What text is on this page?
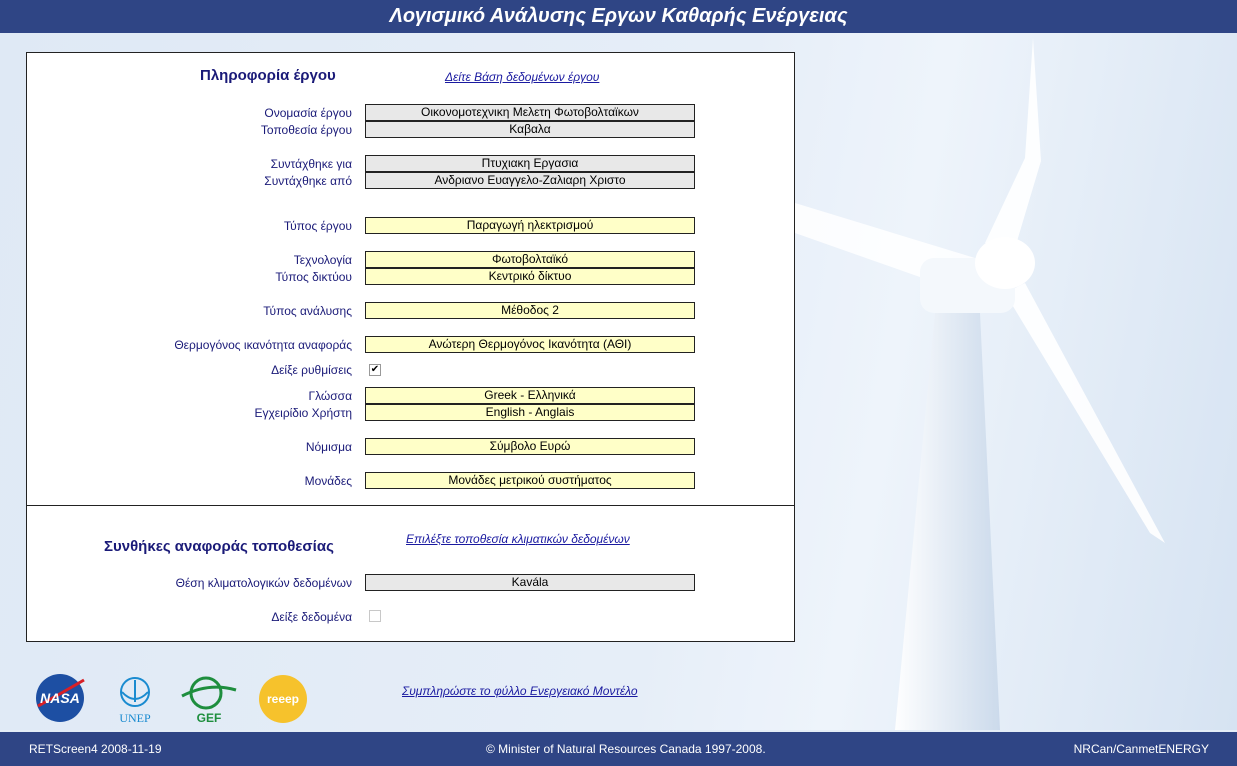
Λογισμικό Ανάλυσης Εργων Καθαρής Ενέργειας
Πληροφορία έργου	Δείτε Βάση δεδομένων έργου
Ονομασία έργου	Οικονομοτεχνικη Μελετη Φωτοβολταϊκων
Τοποθεσία έργου	Καβαλα
Συντάχθηκε για	Πτυχιακη Εργασια
Συντάχθηκε από	Ανδριανο Ευαγγελο-Ζαλιαρη Χριστο
Τύπος έργου	Παραγωγή ηλεκτρισμού
Τεχνολογία	Φωτοβολταϊκό
Τύπος δικτύου	Κεντρικό δίκτυο
Τύπος ανάλυσης	Μέθοδος 2
Θερμογόνος ικανότητα αναφοράς	Ανώτερη Θερμογόνος Ικανότητα (ΑΘΙ)
Δείξε ρυθμίσεις ✔
Γλώσσα	Greek - Ελληνικά
Εγχειρίδιο Χρήστη	English - Anglais
Νόμισμα	Σύμβολο Ευρώ
Μονάδες	Μονάδες μετρικού συστήματος
Συνθήκες αναφοράς τοποθεσίας	Επιλέξτε τοποθεσία κλιματικών δεδομένων
Θέση κλιματολογικών δεδομένων	Kavála
Δείξε δεδομένα
NASA
UNEP	GEF
reeep
Συμπληρώστε το φύλλο Ενεργειακό Μοντέλο
RETScreen4 2008-11-19	© Minister of Natural Resources Canada 1997-2008.	NRCan/CanmetENERGY
